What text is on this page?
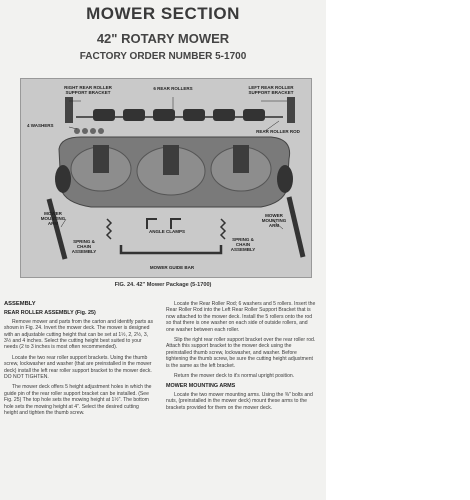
MOWER SECTION
42" ROTARY MOWER
FACTORY ORDER NUMBER 5-1700
RIGHT REAR ROLLER SUPPORT BRACKET
6 REAR ROLLERS	LEFT REAR ROLLER SUPPORT BRACKET
4 WASHERS
REAR ROLLER ROD
MOWER MOUNTING ARM
SPRING & CHAIN ASSEMBLY
ANGLE CLAMPS
SPRING & CHAIN ASSEMBLY
MOWER MOUNTING ARM
MOWER GUIDE BAR
FIG. 24. 42" Mower Package (5-1700)
ASSEMBLY
REAR ROLLER ASSEMBLY (Fig. 25)
Remove mower and parts from the carton and identify parts as shown in Fig. 24. Invert the mower deck. The mower is designed with an adjustable cutting height that can be set at 1½, 2, 2½, 3, 3½ and 4 inches. Select the cutting height best suited to your needs (2 to 3 inches is most often recommended).
Locate the two rear roller support brackets. Using the thumb screw, lockwasher and washer (that are preinstalled in the mower deck) install the left rear roller support bracket to the mower deck. DO NOT TIGHTEN.
The mower deck offers 5 height adjustment holes in which the guide pin of the rear roller support bracket can be installed. (See Fig. 25) The top hole sets the mowing height at 1½". The bottom hole sets the mowing height at 4". Select the desired cutting height and tighten the thumb screw.
Locate the Rear Roller Rod; 6 washers and 5 rollers. Insert the Rear Roller Rod into the Left Rear Roller Support Bracket that is now attached to the mower deck. Install the 5 rollers onto the rod so that there is one washer on each side of outside rollers, and one washer between each roller.
Slip the right rear roller support bracket over the rear roller rod. Attach this support bracket to the mower deck using the preinstalled thumb screw, lockwasher, and washer. Before tightening the thumb screw, be sure the cutting height adjustment is the same as the left bracket.
Return the mower deck to it's normal upright position.
MOWER MOUNTING ARMS
Locate the two mower mounting arms. Using the ⅜" bolts and nuts, (preinstalled in the mower deck) mount these arms to the brackets provided for them on the mower deck.
